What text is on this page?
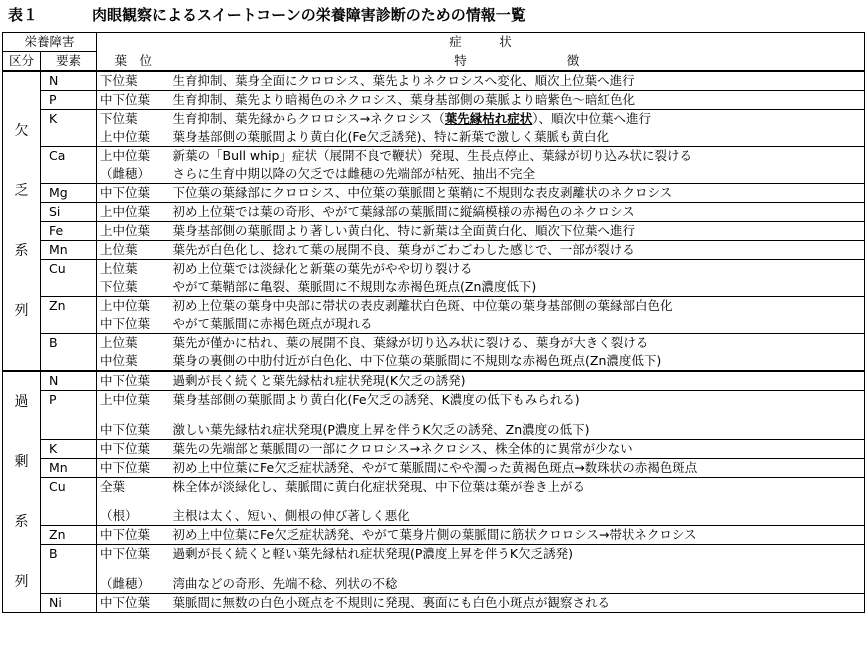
表１	肉眼観察によるスイートコーンの栄養障害診断のための情報一覧
栄養障害		症　　　状	
区分	要素	葉　位	特　　　　　　　　徴

欠
乏
系
列	N	下位葉	生育抑制、葉身全面にクロロシス、葉先よりネクロシスへ変化、順次上位葉へ進行
	P	中下位葉	生育抑制、葉先より暗褐色のネクロシス、葉身基部側の葉脈より暗紫色～暗紅色化
	K	下位葉	生育抑制、葉先縁からクロロシス→ネクロシス（葉先縁枯れ症状）、順次中位葉へ進行
		上中位葉	葉身基部側の葉脈間より黄白化(Fe欠乏誘発)、特に新葉で激しく葉脈も黄白化
	Ca	上中位葉	新葉の「Bull whip」症状（展開不良で鞭状）発現、生長点停止、葉縁が切り込み状に裂ける
		（雌穂）	さらに生育中期以降の欠乏では雌穂の先端部が枯死、抽出不完全
	Mg	中下位葉	下位葉の葉縁部にクロロシス、中位葉の葉脈間と葉鞘に不規則な表皮剥離状のネクロシス
	Si	上中位葉	初め上位葉では葉の奇形、やがて葉縁部の葉脈間に縦縞模様の赤褐色のネクロシス
	Fe	上中位葉	葉身基部側の葉脈間より著しい黄白化、特に新葉は全面黄白化、順次下位葉へ進行
	Mn	上位葉	葉先が白色化し、捻れて葉の展開不良、葉身がごわごわした感じで、一部が裂ける
	Cu	上位葉	初め上位葉では淡緑化と新葉の葉先がやや切り裂ける
		下位葉	やがて葉鞘部に亀裂、葉脈間に不規則な赤褐色斑点(Zn濃度低下)
	Zn	上中位葉	初め上位葉の葉身中央部に帯状の表皮剥離状白色斑、中位葉の葉身基部側の葉縁部白色化
		中下位葉	やがて葉脈間に赤褐色斑点が現れる
	B	上位葉	葉先が僅かに枯れ、葉の展開不良、葉縁が切り込み状に裂ける、葉身が大きく裂ける
		中位葉	葉身の裏側の中肋付近が白色化、中下位葉の葉脈間に不規則な赤褐色斑点(Zn濃度低下)

過
剰
系
列	N	中下位葉	過剰が長く続くと葉先縁枯れ症状発現(K欠乏の誘発)
	P	上中位葉	葉身基部側の葉脈間より黄白化(Fe欠乏の誘発、K濃度の低下もみられる)
		中下位葉	激しい葉先縁枯れ症状発現(P濃度上昇を伴うK欠乏の誘発、Zn濃度の低下)
	K	中下位葉	葉先の先端部と葉脈間の一部にクロロシス→ネクロシス、株全体的に異常が少ない
	Mn	中下位葉	初め上中位葉にFe欠乏症状誘発、やがて葉脈間にやや濁った黄褐色斑点→数珠状の赤褐色斑点
	Cu	全葉	株全体が淡緑化し、葉脈間に黄白化症状発現、中下位葉は葉が巻き上がる
		（根）	主根は太く、短い、側根の伸び著しく悪化
	Zn	中下位葉	初め上中位葉にFe欠乏症状誘発、やがて葉身片側の葉脈間に筋状クロロシス→帯状ネクロシス
	B	中下位葉	過剰が長く続くと軽い葉先縁枯れ症状発現(P濃度上昇を伴うK欠乏誘発)
		（雌穂）	湾曲などの奇形、先端不稔、列状の不稔
	Ni	中下位葉	葉脈間に無数の白色小斑点を不規則に発現、裏面にも白色小斑点が観察される
